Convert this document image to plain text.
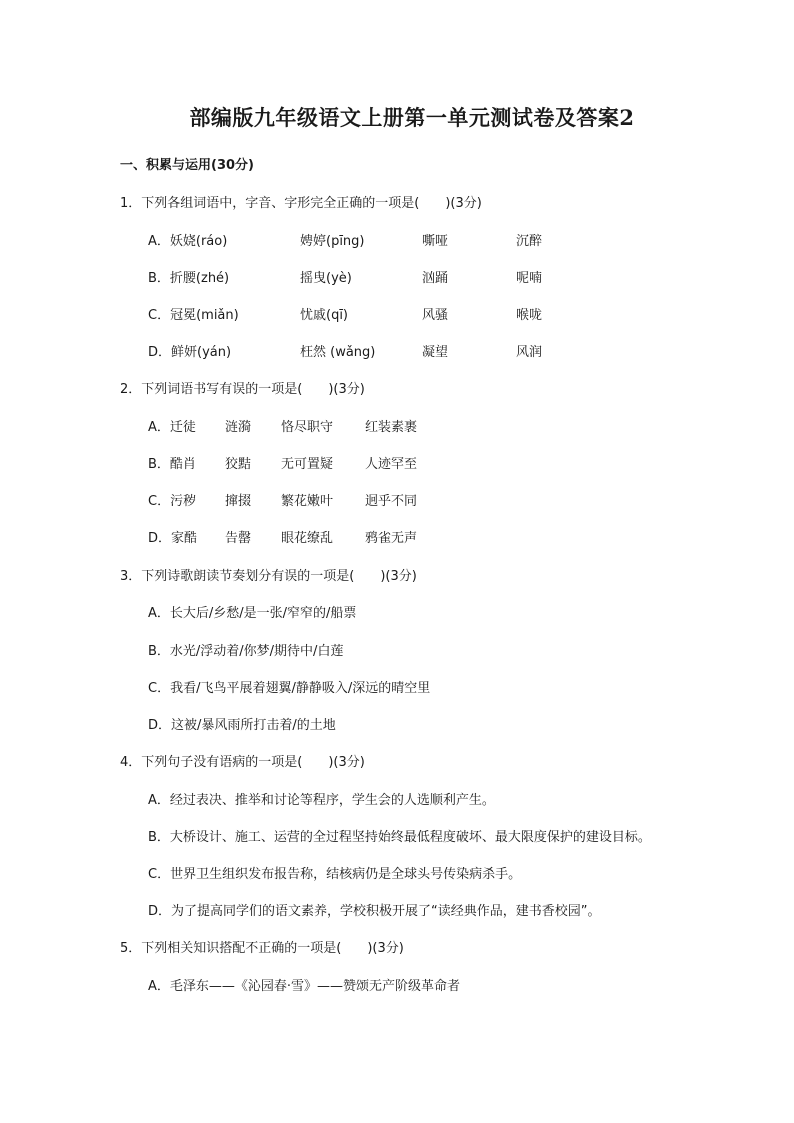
部编版九年级语文上册第一单元测试卷及答案2
一、积累与运用(30分)
1．下列各组词语中，字音、字形完全正确的一项是(　　)(3分)
A．妖娆(ráo)	娉婷(pīng)	嘶哑	沉醉
B．折腰(zhé)	摇曳(yè)	汹踊	呢喃
C．冠冕(miǎn)	忧戚(qī)	风骚	喉咙
D．鲜妍(yán)	枉然 (wǎng)	凝望	风润
2．下列词语书写有误的一项是(　　)(3分)
A．迁徒 涟漪 恪尽职守 红装素裹
B．酷肖 狡黠 无可置疑 人迹罕至
C．污秽 撺掇 繁花嫩叶 迥乎不同
D．家酷 告罄 眼花缭乱 鸦雀无声
3．下列诗歌朗读节奏划分有误的一项是(　　)(3分)
A．长大后/乡愁/是一张/窄窄的/船票
B．水光/浮动着/你梦/期待中/白莲
C．我看/飞鸟平展着翅翼/静静吸入/深远的晴空里
D．这被/暴风雨所打击着/的土地
4．下列句子没有语病的一项是(　　)(3分)
A．经过表决、推举和讨论等程序，学生会的人选顺利产生。
B．大桥设计、施工、运营的全过程坚持始终最低程度破坏、最大限度保护的建设目标。
C．世界卫生组织发布报告称，结核病仍是全球头号传染病杀手。
D．为了提高同学们的语文素养，学校积极开展了“读经典作品，建书香校园”。
5．下列相关知识搭配不正确的一项是(　　)(3分)
A．毛泽东——《沁园春·雪》——赞颂无产阶级革命者
